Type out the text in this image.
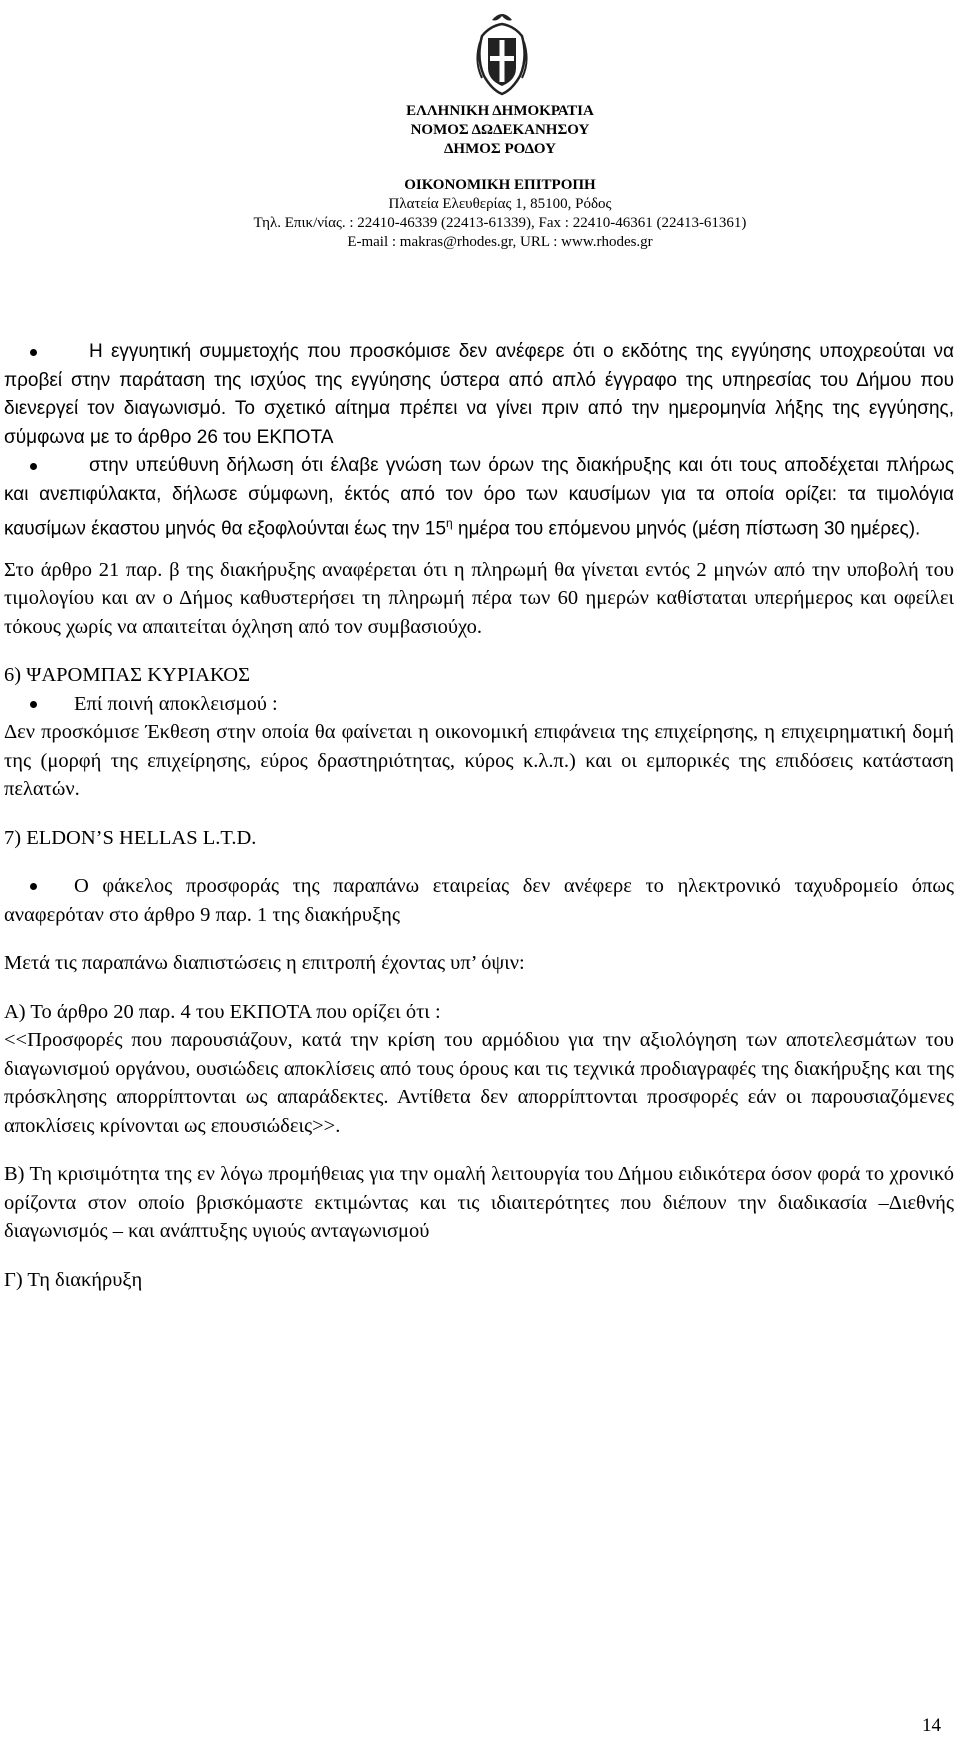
ΕΛΛΗΝΙΚΗ ΔΗΜΟΚΡΑΤΙΑ
ΝΟΜΟΣ ΔΩΔΕΚΑΝΗΣΟΥ
ΔΗΜΟΣ ΡΟΔΟΥ
ΟΙΚΟΝΟΜΙΚΗ ΕΠΙΤΡΟΠΗ
Πλατεία Ελευθερίας 1, 85100, Ρόδος
Τηλ. Επικ/νίας. : 22410-46339 (22413-61339), Fax : 22410-46361 (22413-61361)
E-mail : makras@rhodes.gr, URL : www.rhodes.gr

Η εγγυητική συμμετοχής που προσκόμισε δεν ανέφερε ότι ο εκδότης της εγγύησης υποχρεούται να προβεί στην παράταση της ισχύος της εγγύησης ύστερα από απλό έγγραφο της υπηρεσίας του Δήμου που διενεργεί τον διαγωνισμό. Το σχετικό αίτημα πρέπει να γίνει πριν από την ημερομηνία λήξης της εγγύησης, σύμφωνα με το άρθρο 26 του ΕΚΠΟΤΑ

στην υπεύθυνη δήλωση ότι έλαβε γνώση των όρων της διακήρυξης και ότι τους αποδέχεται πλήρως και ανεπιφύλακτα, δήλωσε σύμφωνη, έκτός από τον όρο των καυσίμων για τα οποία ορίζει: τα τιμολόγια καυσίμων έκαστου μηνός θα εξοφλούνται έως την $15^\eta$ ημέρα του επόμενου μηνός (μέση πίστωση 30 ημέρες).

Στο άρθρο 21 παρ. β της διακήρυξης αναφέρεται ότι η πληρωμή θα γίνεται εντός 2 μηνών από την υποβολή του τιμολογίου και αν ο Δήμος καθυστερήσει τη πληρωμή πέρα των 60 ημερών καθίσταται υπερήμερος και οφείλει τόκους χωρίς να απαιτείται όχληση από τον συμβασιούχο.

6) ΨΑΡΟΜΠΑΣ ΚΥΡΙΑΚΟΣ

Επί ποινή αποκλεισμού :

Δεν προσκόμισε Έκθεση στην οποία θα φαίνεται η οικονομική επιφάνεια της επιχείρησης, η επιχειρηματική δομή της (μορφή της επιχείρησης, εύρος δραστηριότητας, κύρος κ.λ.π.) και οι εμπορικές της επιδόσεις κατάσταση πελατών.

7) ELDON’S HELLAS L.T.D.

Ο φάκελος προσφοράς της παραπάνω εταιρείας δεν ανέφερε το ηλεκτρονικό ταχυδρομείο όπως αναφερόταν στο άρθρο 9 παρ. 1 της διακήρυξης

Μετά τις παραπάνω διαπιστώσεις η επιτροπή έχοντας υπ’ όψιν:

Α) Το άρθρο 20 παρ. 4 του ΕΚΠΟΤΑ που ορίζει ότι :

<<Προσφορές που παρουσιάζουν, κατά την κρίση του αρμόδιου για την αξιολόγηση των αποτελεσμάτων του διαγωνισμού οργάνου, ουσιώδεις αποκλίσεις από τους όρους και τις τεχνικά προδιαγραφές της διακήρυξης και της πρόσκλησης απορρίπτονται ως απαράδεκτες. Αντίθετα δεν απορρίπτονται προσφορές εάν οι παρουσιαζόμενες αποκλίσεις κρίνονται ως επουσιώδεις>>.

Β) Τη κρισιμότητα της εν λόγω προμήθειας για την ομαλή λειτουργία του Δήμου ειδικότερα όσον φορά το χρονικό ορίζοντα στον οποίο βρισκόμαστε εκτιμώντας και τις ιδιαιτερότητες που διέπουν την διαδικασία –Διεθνής διαγωνισμός – και ανάπτυξης υγιούς ανταγωνισμού

Γ) Τη διακήρυξη

14
